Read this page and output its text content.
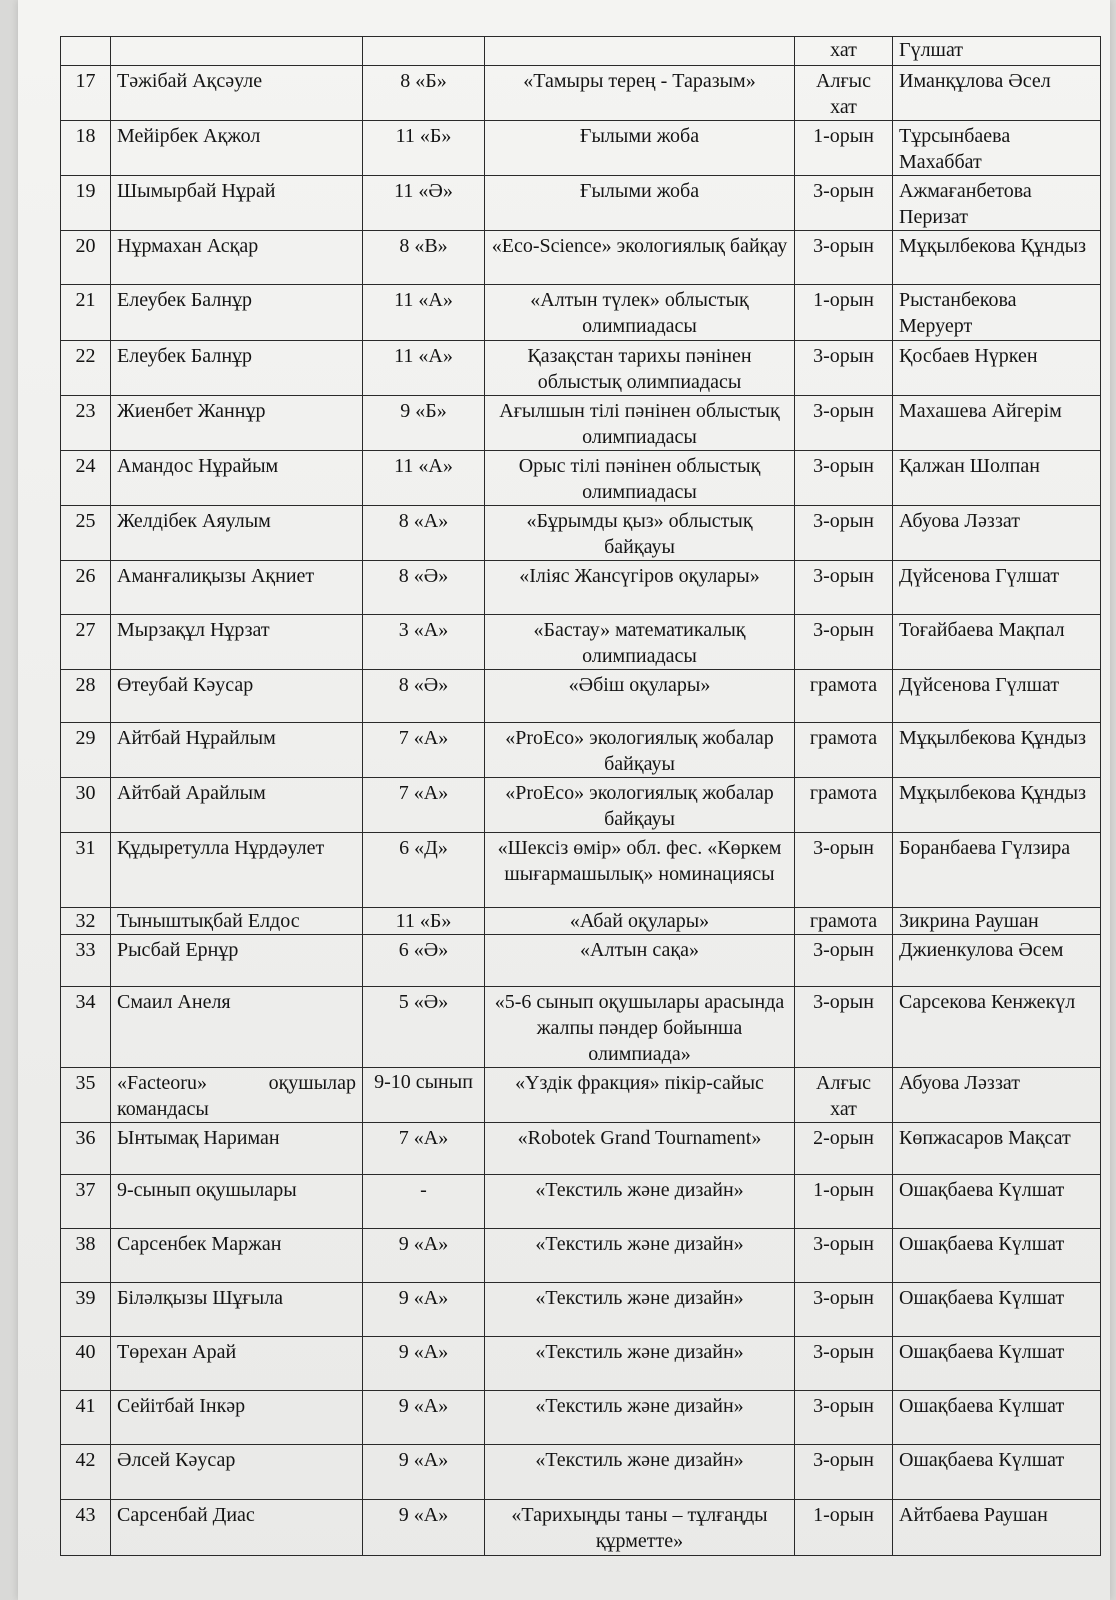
				хат	Гүлшат
17	Тәжібай Ақсәуле	8 «Б»	«Тамыры терең - Таразым»	Алғыс хат	Иманқұлова Әсел
18	Мейірбек Ақжол	11 «Б»	Ғылыми жоба	1-орын	Тұрсынбаева Махаббат
19	Шымырбай Нұрай	11 «Ә»	Ғылыми жоба	3-орын	Ажмағанбетова Перизат
20	Нұрмахан Асқар	8 «В»	«Eco-Science» экологиялық байқау	3-орын	Мұқылбекова Құндыз
21	Елеубек Балнұр	11 «А»	«Алтын түлек» облыстық олимпиадасы	1-орын	Рыстанбекова Меруерт
22	Елеубек Балнұр	11 «А»	Қазақстан тарихы пәнінен облыстық олимпиадасы	3-орын	Қосбаев Нүркен
23	Жиенбет Жаннұр	9 «Б»	Ағылшын тілі пәнінен облыстық олимпиадасы	3-орын	Махашева Айгерім
24	Амандос Нұрайым	11 «А»	Орыс тілі пәнінен облыстық олимпиадасы	3-орын	Қалжан Шолпан
25	Желдібек Аяулым	8 «А»	«Бұрымды қыз» облыстық байқауы	3-орын	Абуова Ләззат
26	Аманғалиқызы Ақниет	8 «Ә»	«Іліяс Жансүгіров оқулары»	3-орын	Дүйсенова Гүлшат
27	Мырзақұл Нұрзат	3 «А»	«Бастау» математикалық олимпиадасы	3-орын	Тоғайбаева Мақпал
28	Өтеубай Кәусар	8 «Ә»	«Әбіш оқулары»	грамота	Дүйсенова Гүлшат
29	Айтбай Нұрайлым	7 «А»	«ProEco» экологиялық жобалар байқауы	грамота	Мұқылбекова Құндыз
30	Айтбай Арайлым	7 «А»	«ProEco» экологиялық жобалар байқауы	грамота	Мұқылбекова Құндыз
31	Құдыретулла Нұрдәулет	6 «Д»	«Шексіз өмір» обл. фес. «Көркем шығармашылық» номинациясы	3-орын	Боранбаева Гүлзира
32	Тыныштықбай Елдос	11 «Б»	«Абай оқулары»	грамота	Зикрина Раушан
33	Рысбай Ернұр	6 «Ә»	«Алтын сақа»	3-орын	Джиенкулова Әсем
34	Смаил Анеля	5 «Ә»	«5-6 сынып оқушылары арасында жалпы пәндер бойынша олимпиада»	3-орын	Сарсекова Кенжекүл
35	«Facteoru» оқушылар командасы	9-10 сынып	«Үздік фракция» пікір-сайыс	Алғыс хат	Абуова Ләззат
36	Ынтымақ Нариман	7 «А»	«Robotek Grand Tournament»	2-орын	Көпжасаров Мақсат
37	9-сынып оқушылары	-	«Текстиль және дизайн»	1-орын	Ошақбаева Күлшат
38	Сарсенбек Маржан	9 «А»	«Текстиль және дизайн»	3-орын	Ошақбаева Күлшат
39	Біләлқызы Шұғыла	9 «А»	«Текстиль және дизайн»	3-орын	Ошақбаева Күлшат
40	Төрехан Арай	9 «А»	«Текстиль және дизайн»	3-орын	Ошақбаева Күлшат
41	Сейітбай Інкәр	9 «А»	«Текстиль және дизайн»	3-орын	Ошақбаева Күлшат
42	Әлсей Кәусар	9 «А»	«Текстиль және дизайн»	3-орын	Ошақбаева Күлшат
43	Сарсенбай Диас	9 «А»	«Тарихыңды таны – тұлғаңды құрметте»	1-орын	Айтбаева Раушан
